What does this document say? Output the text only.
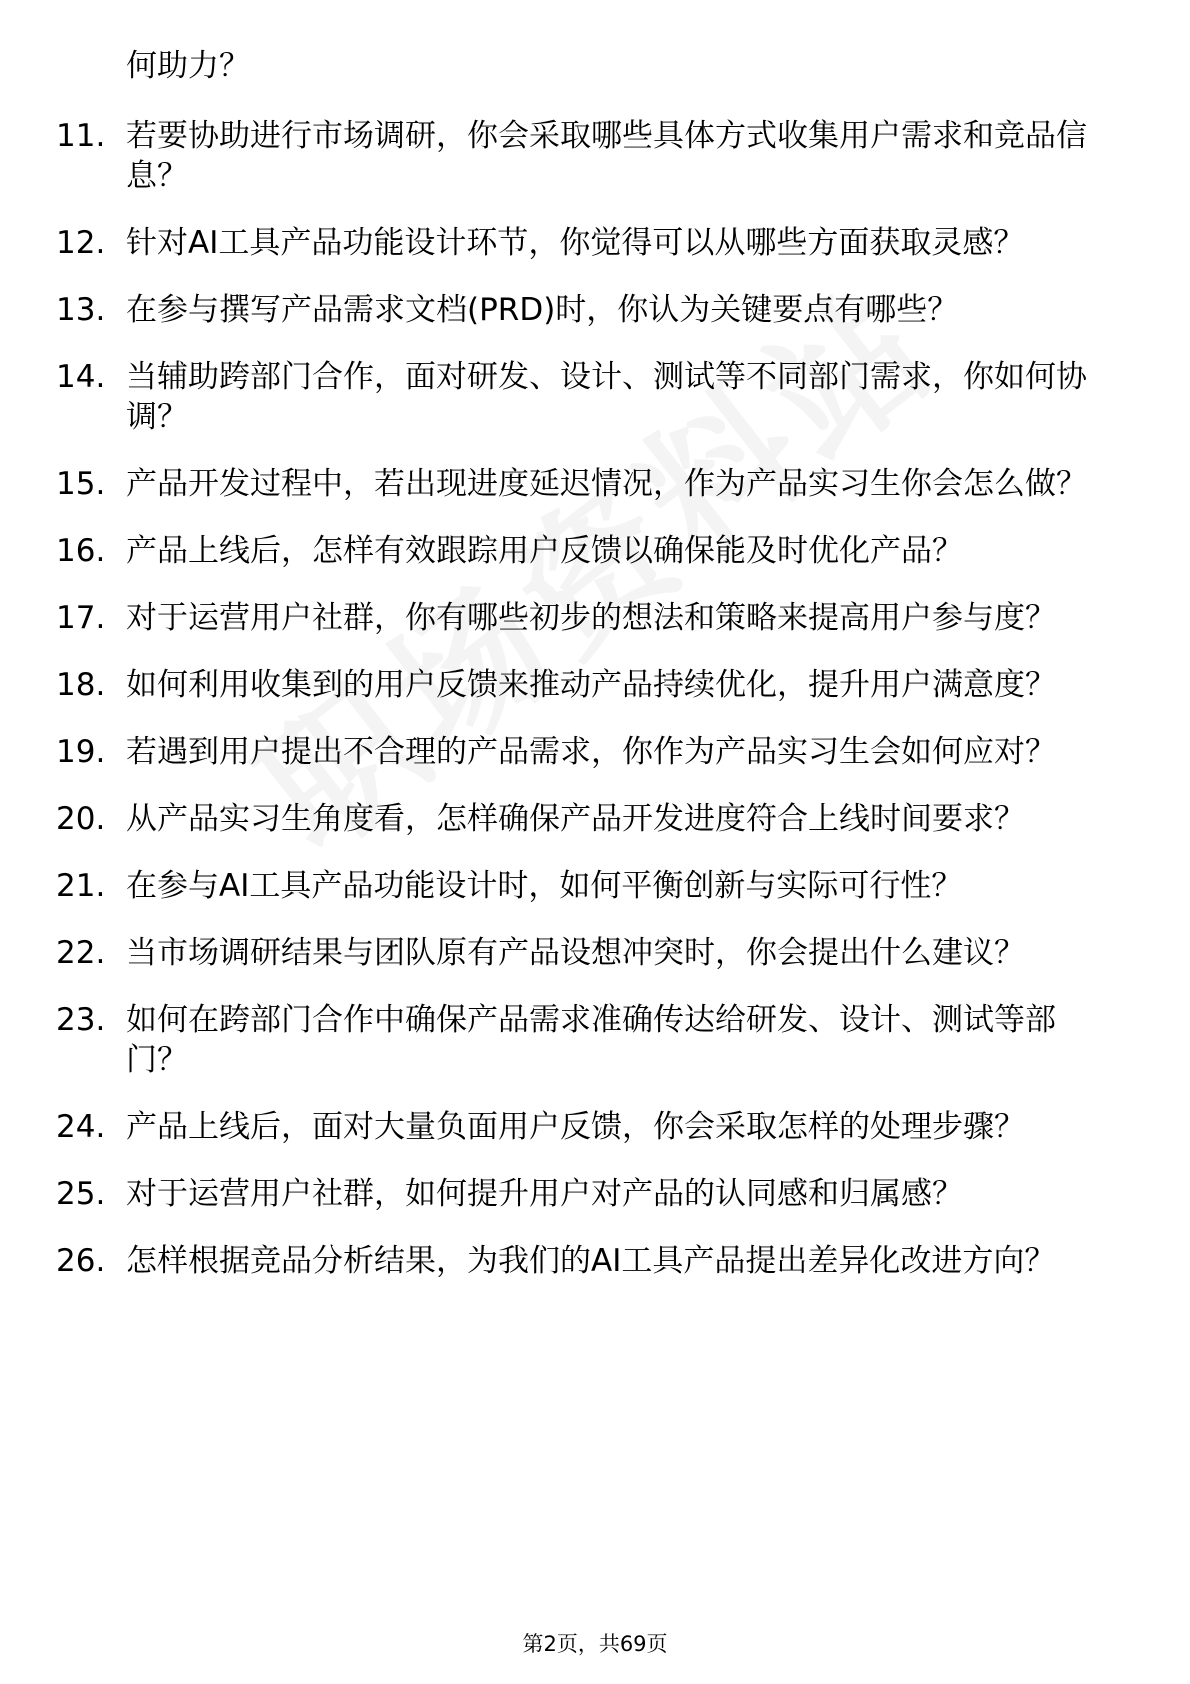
何助力？
11. 若要协助进行市场调研，你会采取哪些具体方式收集用户需求和竞品信息？
12. 针对AI工具产品功能设计环节，你觉得可以从哪些方面获取灵感？
13. 在参与撰写产品需求文档(PRD)时，你认为关键要点有哪些？
14. 当辅助跨部门合作，面对研发、设计、测试等不同部门需求，你如何协调？
15. 产品开发过程中，若出现进度延迟情况，作为产品实习生你会怎么做？
16. 产品上线后，怎样有效跟踪用户反馈以确保能及时优化产品？
17. 对于运营用户社群，你有哪些初步的想法和策略来提高用户参与度？
18. 如何利用收集到的用户反馈来推动产品持续优化，提升用户满意度？
19. 若遇到用户提出不合理的产品需求，你作为产品实习生会如何应对？
20. 从产品实习生角度看，怎样确保产品开发进度符合上线时间要求？
21. 在参与AI工具产品功能设计时，如何平衡创新与实际可行性？
22. 当市场调研结果与团队原有产品设想冲突时，你会提出什么建议？
23. 如何在跨部门合作中确保产品需求准确传达给研发、设计、测试等部门？
24. 产品上线后，面对大量负面用户反馈，你会采取怎样的处理步骤？
25. 对于运营用户社群，如何提升用户对产品的认同感和归属感？
26. 怎样根据竞品分析结果，为我们的AI工具产品提出差异化改进方向？
第2页，共69页
